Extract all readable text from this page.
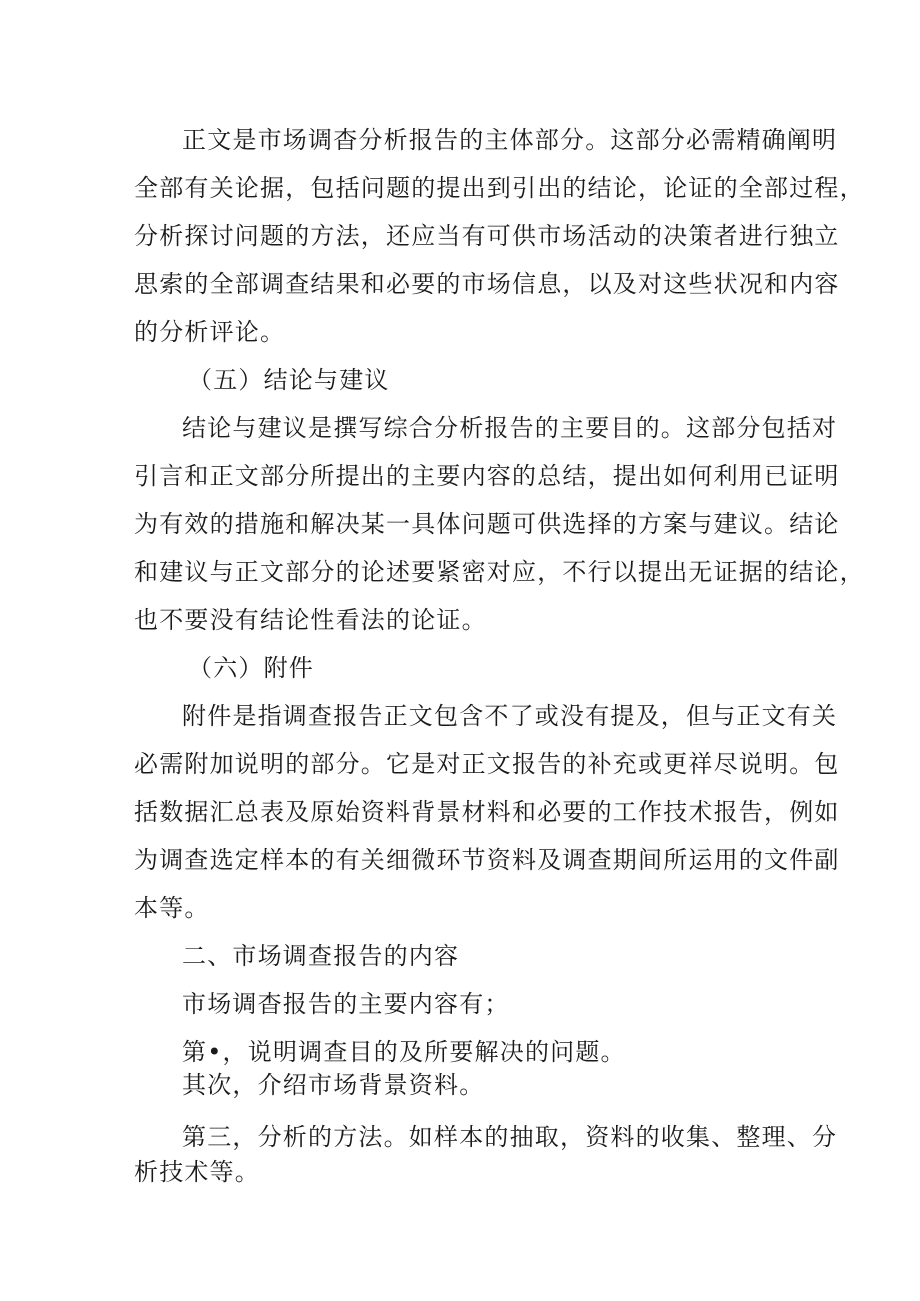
正文是市场调杳分析报告的主体部分。这部分必需精确阐明
全部有关论据，包括问题的提出到引出的结论，论证的全部过程，
分析探讨问题的方法，还应当有可供市场活动的决策者进行独立
思索的全部调查结果和必要的市场信息，以及对这些状况和内容
的分析评论。
（五）结论与建议
结论与建议是撰写综合分析报告的主要目的。这部分包括对
引言和正文部分所提出的主要内容的总结，提出如何利用已证明
为有效的措施和解决某一具体问题可供选择的方案与建议。结论
和建议与正文部分的论述要紧密对应，不行以提出无证据的结论，
也不要没有结论性看法的论证。
（六）附件
附件是指调查报告正文包含不了或没有提及，但与正文有关
必需附加说明的部分。它是对正文报告的补充或更祥尽说明。包
括数据汇总表及原始资料背景材料和必要的工作技术报告，例如
为调查选定样本的有关细微环节资料及调查期间所运用的文件副
本等。
二、市场调查报告的内容
市场调杳报告的主要内容有；
第•，说明调查目的及所要解决的问题。
其次，介绍市场背景资料。
第三，分析的方法。如样本的抽取，资料的收集、整理、分
析技术等。
